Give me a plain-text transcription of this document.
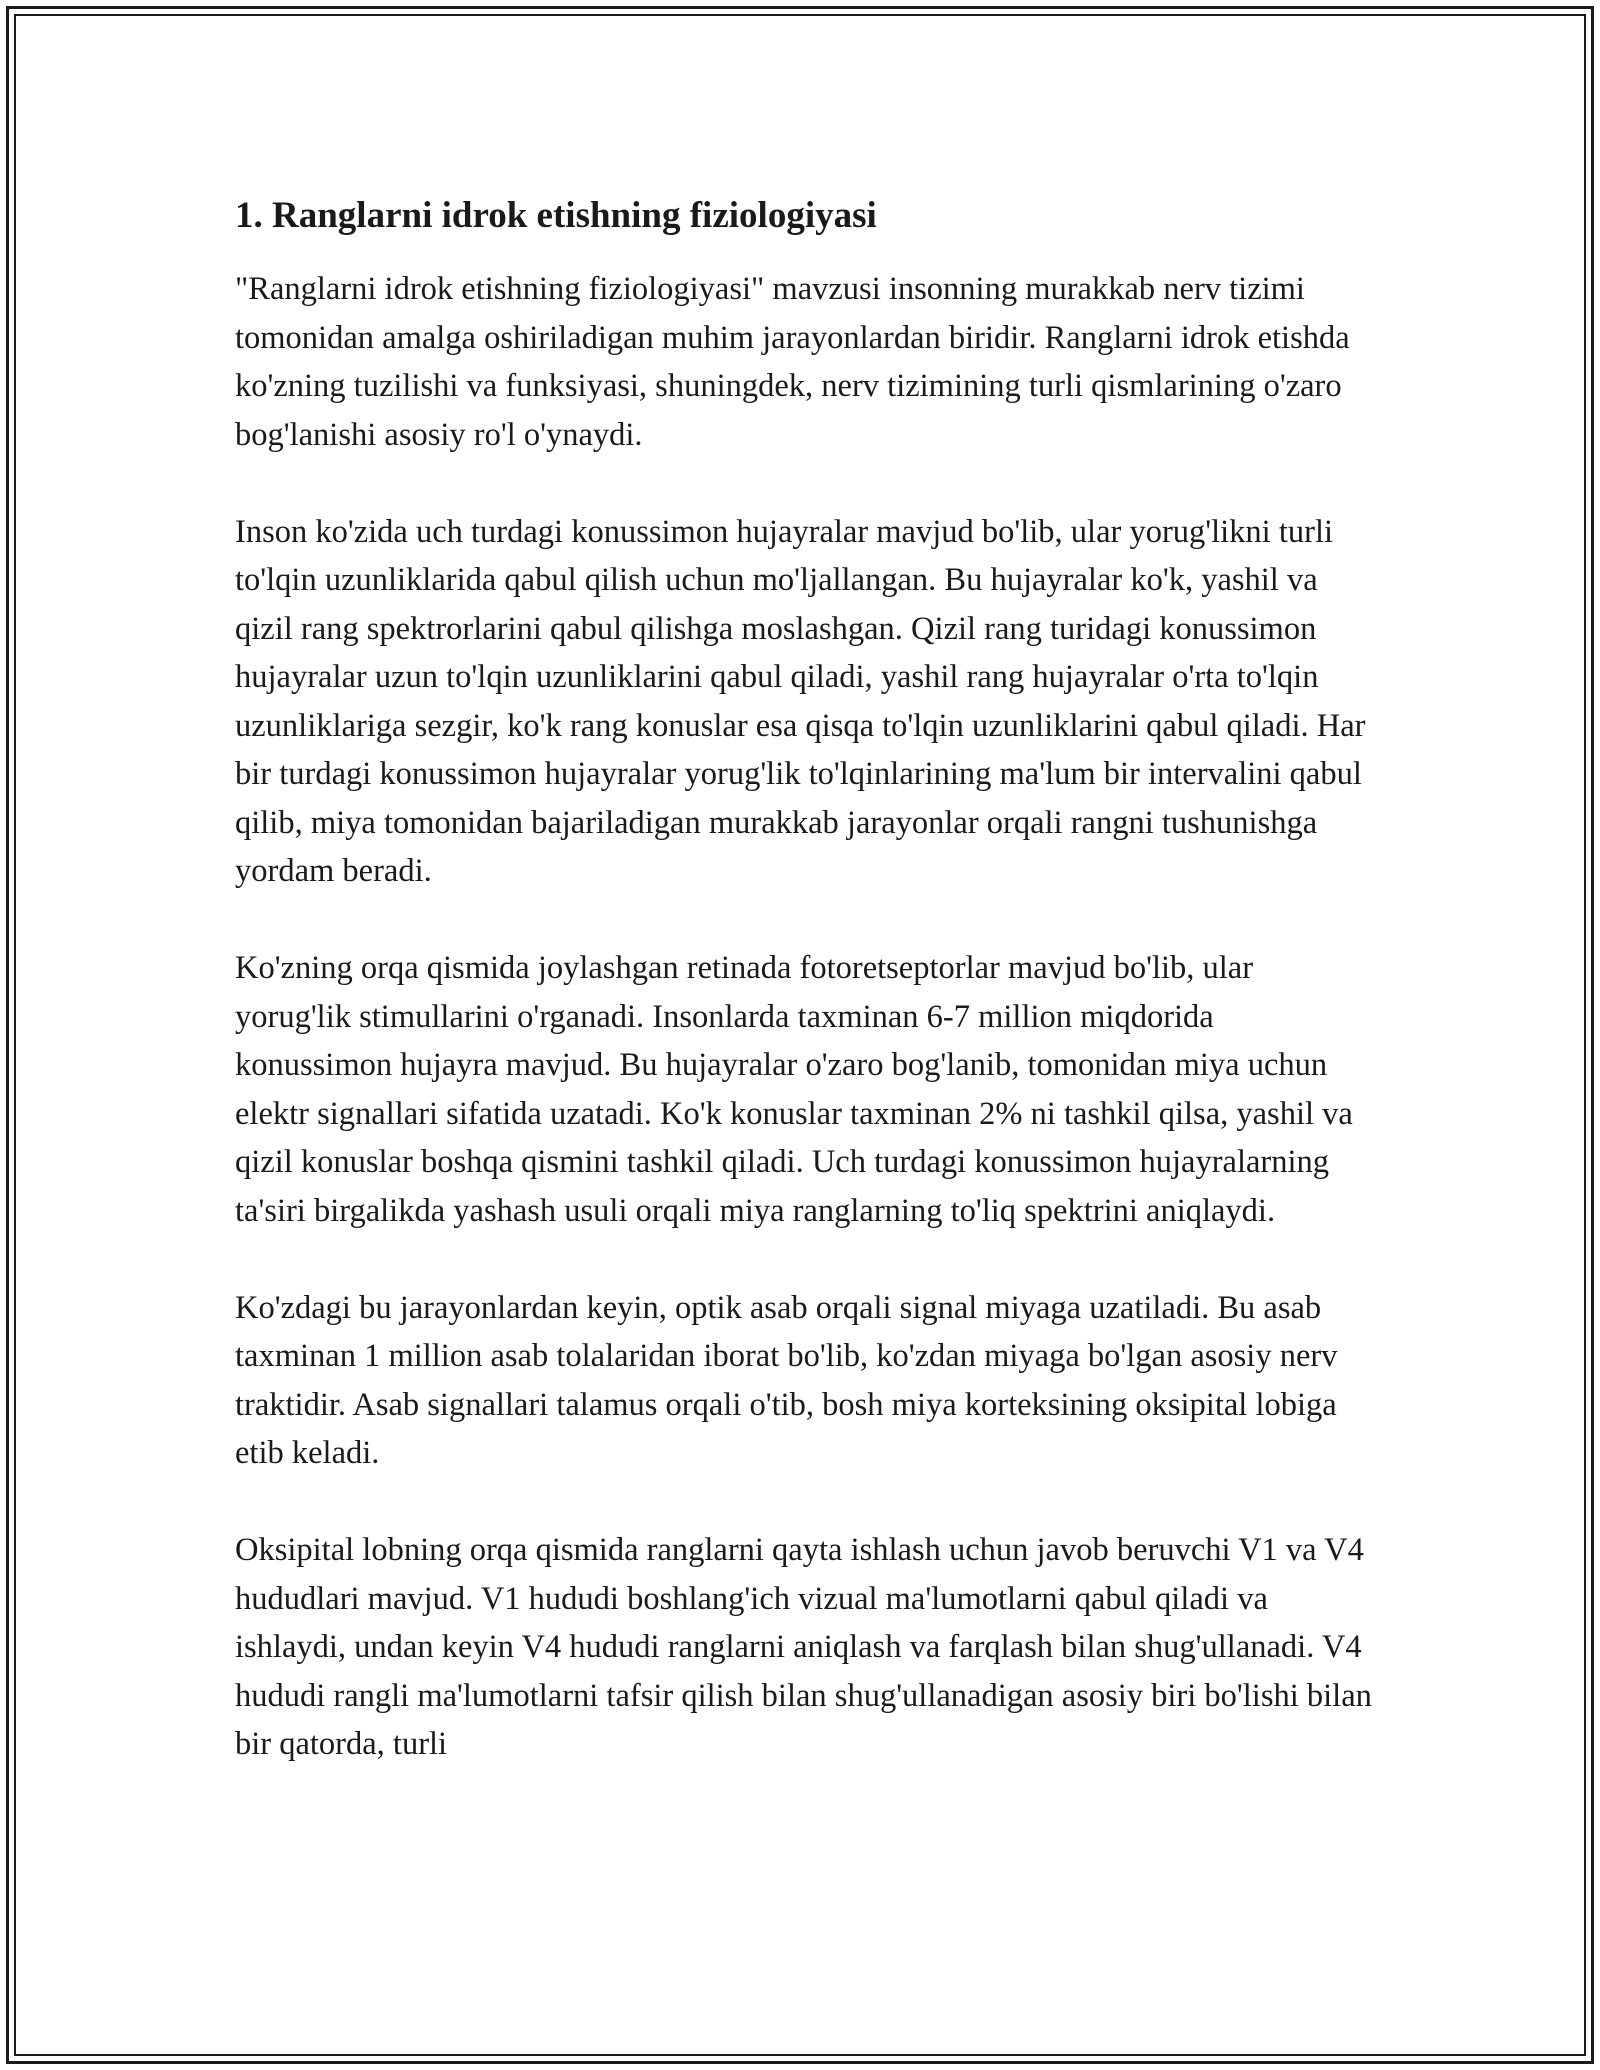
1. Ranglarni idrok etishning fiziologiyasi

"Ranglarni idrok etishning fiziologiyasi" mavzusi insonning murakkab nerv tizimi tomonidan amalga oshiriladigan muhim jarayonlardan biridir. Ranglarni idrok etishda ko'zning tuzilishi va funksiyasi, shuningdek, nerv tizimining turli qismlarining o'zaro bog'lanishi asosiy ro'l o'ynaydi.

Inson ko'zida uch turdagi konussimon hujayralar mavjud bo'lib, ular yorug'likni turli to'lqin uzunliklarida qabul qilish uchun mo'ljallangan. Bu hujayralar ko'k, yashil va qizil rang spektrorlarini qabul qilishga moslashgan. Qizil rang turidagi konussimon hujayralar uzun to'lqin uzunliklarini qabul qiladi, yashil rang hujayralar o'rta to'lqin uzunliklariga sezgir, ko'k rang konuslar esa qisqa to'lqin uzunliklarini qabul qiladi. Har bir turdagi konussimon hujayralar yorug'lik to'lqinlarining ma'lum bir intervalini qabul qilib, miya tomonidan bajariladigan murakkab jarayonlar orqali rangni tushunishga yordam beradi.

Ko'zning orqa qismida joylashgan retinada fotoretseptorlar mavjud bo'lib, ular yorug'lik stimullarini o'rganadi. Insonlarda taxminan 6-7 million miqdorida konussimon hujayra mavjud. Bu hujayralar o'zaro bog'lanib, tomonidan miya uchun elektr signallari sifatida uzatadi. Ko'k konuslar taxminan 2% ni tashkil qilsa, yashil va qizil konuslar boshqa qismini tashkil qiladi. Uch turdagi konussimon hujayralarning ta'siri birgalikda yashash usuli orqali miya ranglarning to'liq spektrini aniqlaydi.

Ko'zdagi bu jarayonlardan keyin, optik asab orqali signal miyaga uzatiladi. Bu asab taxminan 1 million asab tolalaridan iborat bo'lib, ko'zdan miyaga bo'lgan asosiy nerv traktidir. Asab signallari talamus orqali o'tib, bosh miya korteksining oksipital lobiga etib keladi.

Oksipital lobning orqa qismida ranglarni qayta ishlash uchun javob beruvchi V1 va V4 hududlari mavjud. V1 hududi boshlang'ich vizual ma'lumotlarni qabul qiladi va ishlaydi, undan keyin V4 hududi ranglarni aniqlash va farqlash bilan shug'ullanadi. V4 hududi rangli ma'lumotlarni tafsir qilish bilan shug'ullanadigan asosiy biri bo'lishi bilan bir qatorda, turli
